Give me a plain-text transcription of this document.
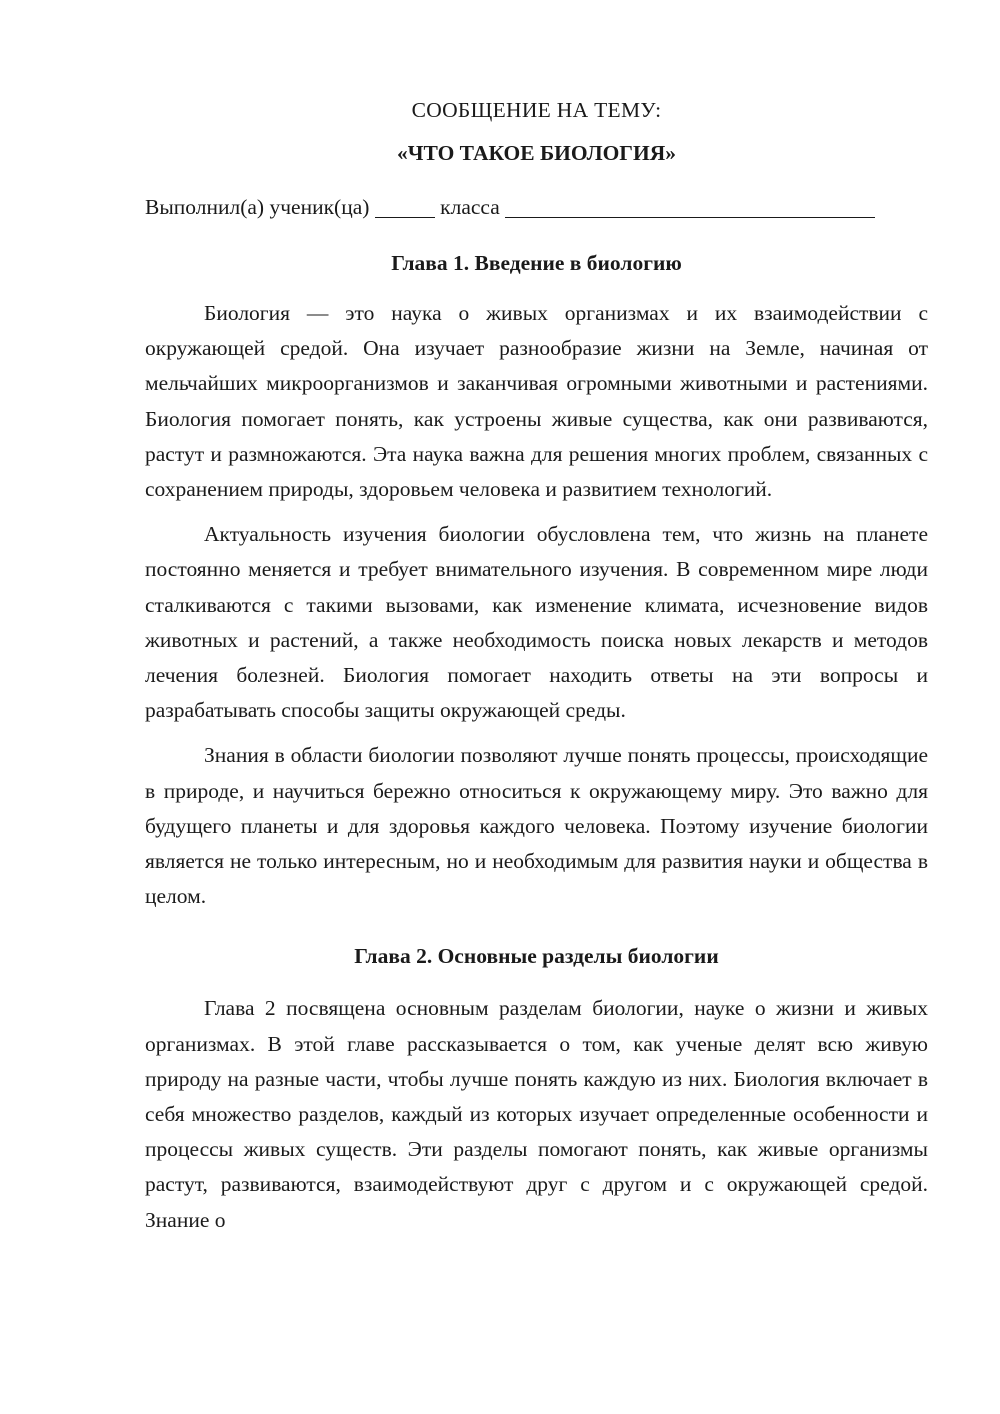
СООБЩЕНИЕ НА ТЕМУ:

«ЧТО ТАКОЕ БИОЛОГИЯ»

Выполнил(а) ученик(ца)	класса
Глава 1. Введение в биологию

Биология — это наука о живых организмах и их взаимодействии с окружающей средой. Она изучает разнообразие жизни на Земле, начиная от мельчайших микроорганизмов и заканчивая огромными животными и растениями. Биология помогает понять, как устроены живые существа, как они развиваются, растут и размножаются. Эта наука важна для решения многих проблем, связанных с сохранением природы, здоровьем человека и развитием технологий.

Актуальность изучения биологии обусловлена тем, что жизнь на планете постоянно меняется и требует внимательного изучения. В современном мире люди сталкиваются с такими вызовами, как изменение климата, исчезновение видов животных и растений, а также необходимость поиска новых лекарств и методов лечения болезней. Биология помогает находить ответы на эти вопросы и разрабатывать способы защиты окружающей среды.

Знания в области биологии позволяют лучше понять процессы, происходящие в природе, и научиться бережно относиться к окружающему миру. Это важно для будущего планеты и для здоровья каждого человека. Поэтому изучение биологии является не только интересным, но и необходимым для развития науки и общества в целом.

Глава 2. Основные разделы биологии

Глава 2 посвящена основным разделам биологии, науке о жизни и живых организмах. В этой главе рассказывается о том, как ученые делят всю живую природу на разные части, чтобы лучше понять каждую из них. Биология включает в себя множество разделов, каждый из которых изучает определенные особенности и процессы живых существ. Эти разделы помогают понять, как живые организмы растут, развиваются, взаимодействуют друг с другом и с окружающей средой. Знание о
